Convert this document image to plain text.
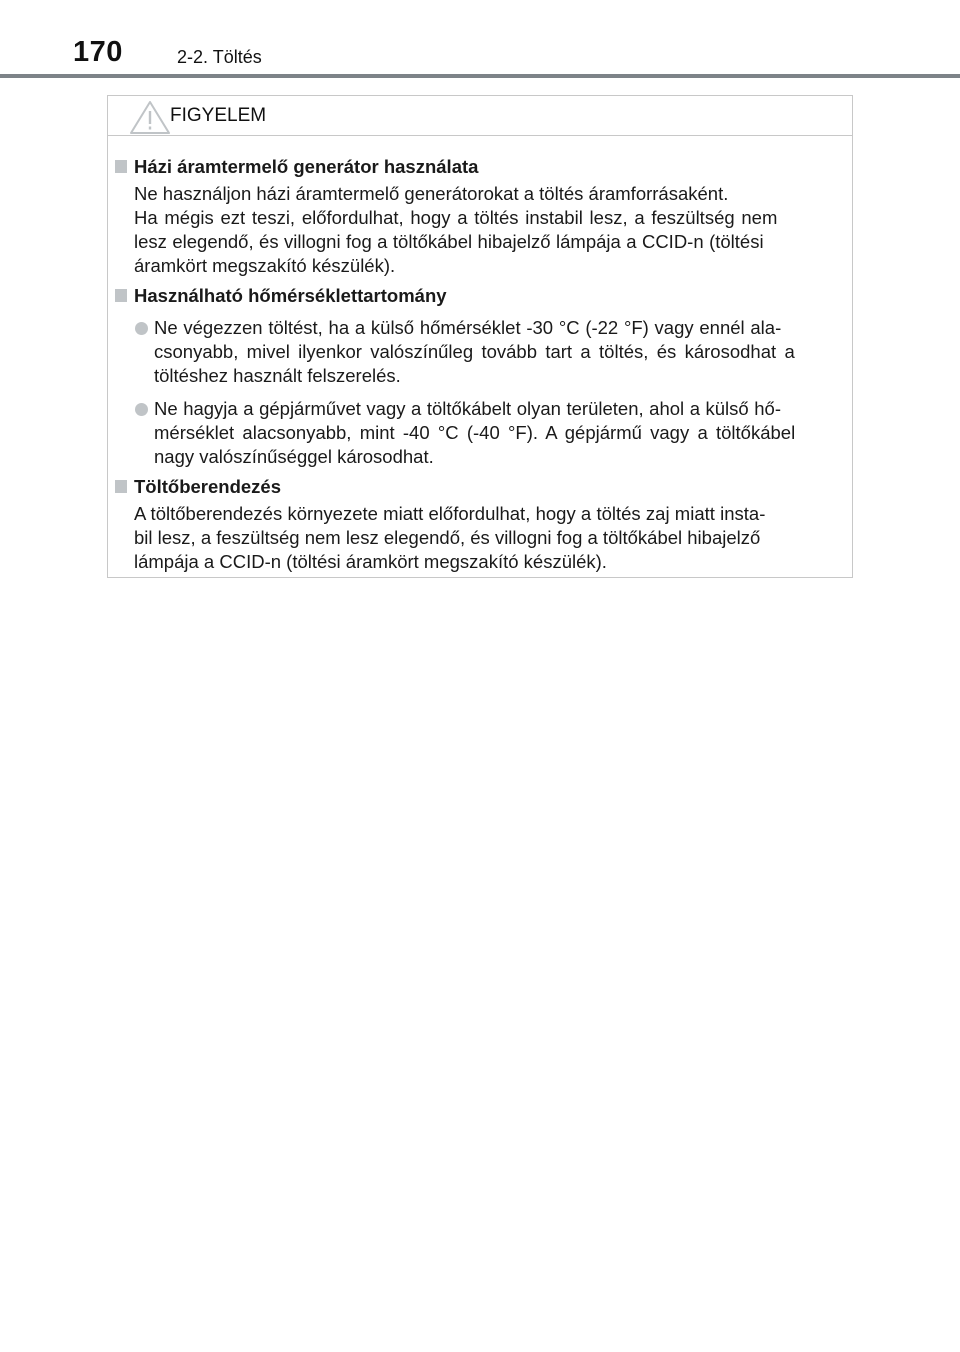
170	2-2. Töltés
FIGYELEM
Házi áramtermelő generátor használata
Ne használjon házi áramtermelő generátorokat a töltés áramforrásaként.
Ha mégis ezt teszi, előfordulhat, hogy a töltés instabil lesz, a feszültség nem
lesz elegendő, és villogni fog a töltőkábel hibajelző lámpája a CCID-n (töltési
áramkört megszakító készülék).
Használható hőmérséklettartomány
Ne végezzen töltést, ha a külső hőmérséklet -30 °C (-22 °F) vagy ennél ala-
csonyabb, mivel ilyenkor valószínűleg tovább tart a töltés, és károsodhat a
töltéshez használt felszerelés.
Ne hagyja a gépjárművet vagy a töltőkábelt olyan területen, ahol a külső hő-
mérséklet alacsonyabb, mint -40 °C (-40 °F). A gépjármű vagy a töltőkábel
nagy valószínűséggel károsodhat.
Töltőberendezés
A töltőberendezés környezete miatt előfordulhat, hogy a töltés zaj miatt insta-
bil lesz, a feszültség nem lesz elegendő, és villogni fog a töltőkábel hibajelző
lámpája a CCID-n (töltési áramkört megszakító készülék).
